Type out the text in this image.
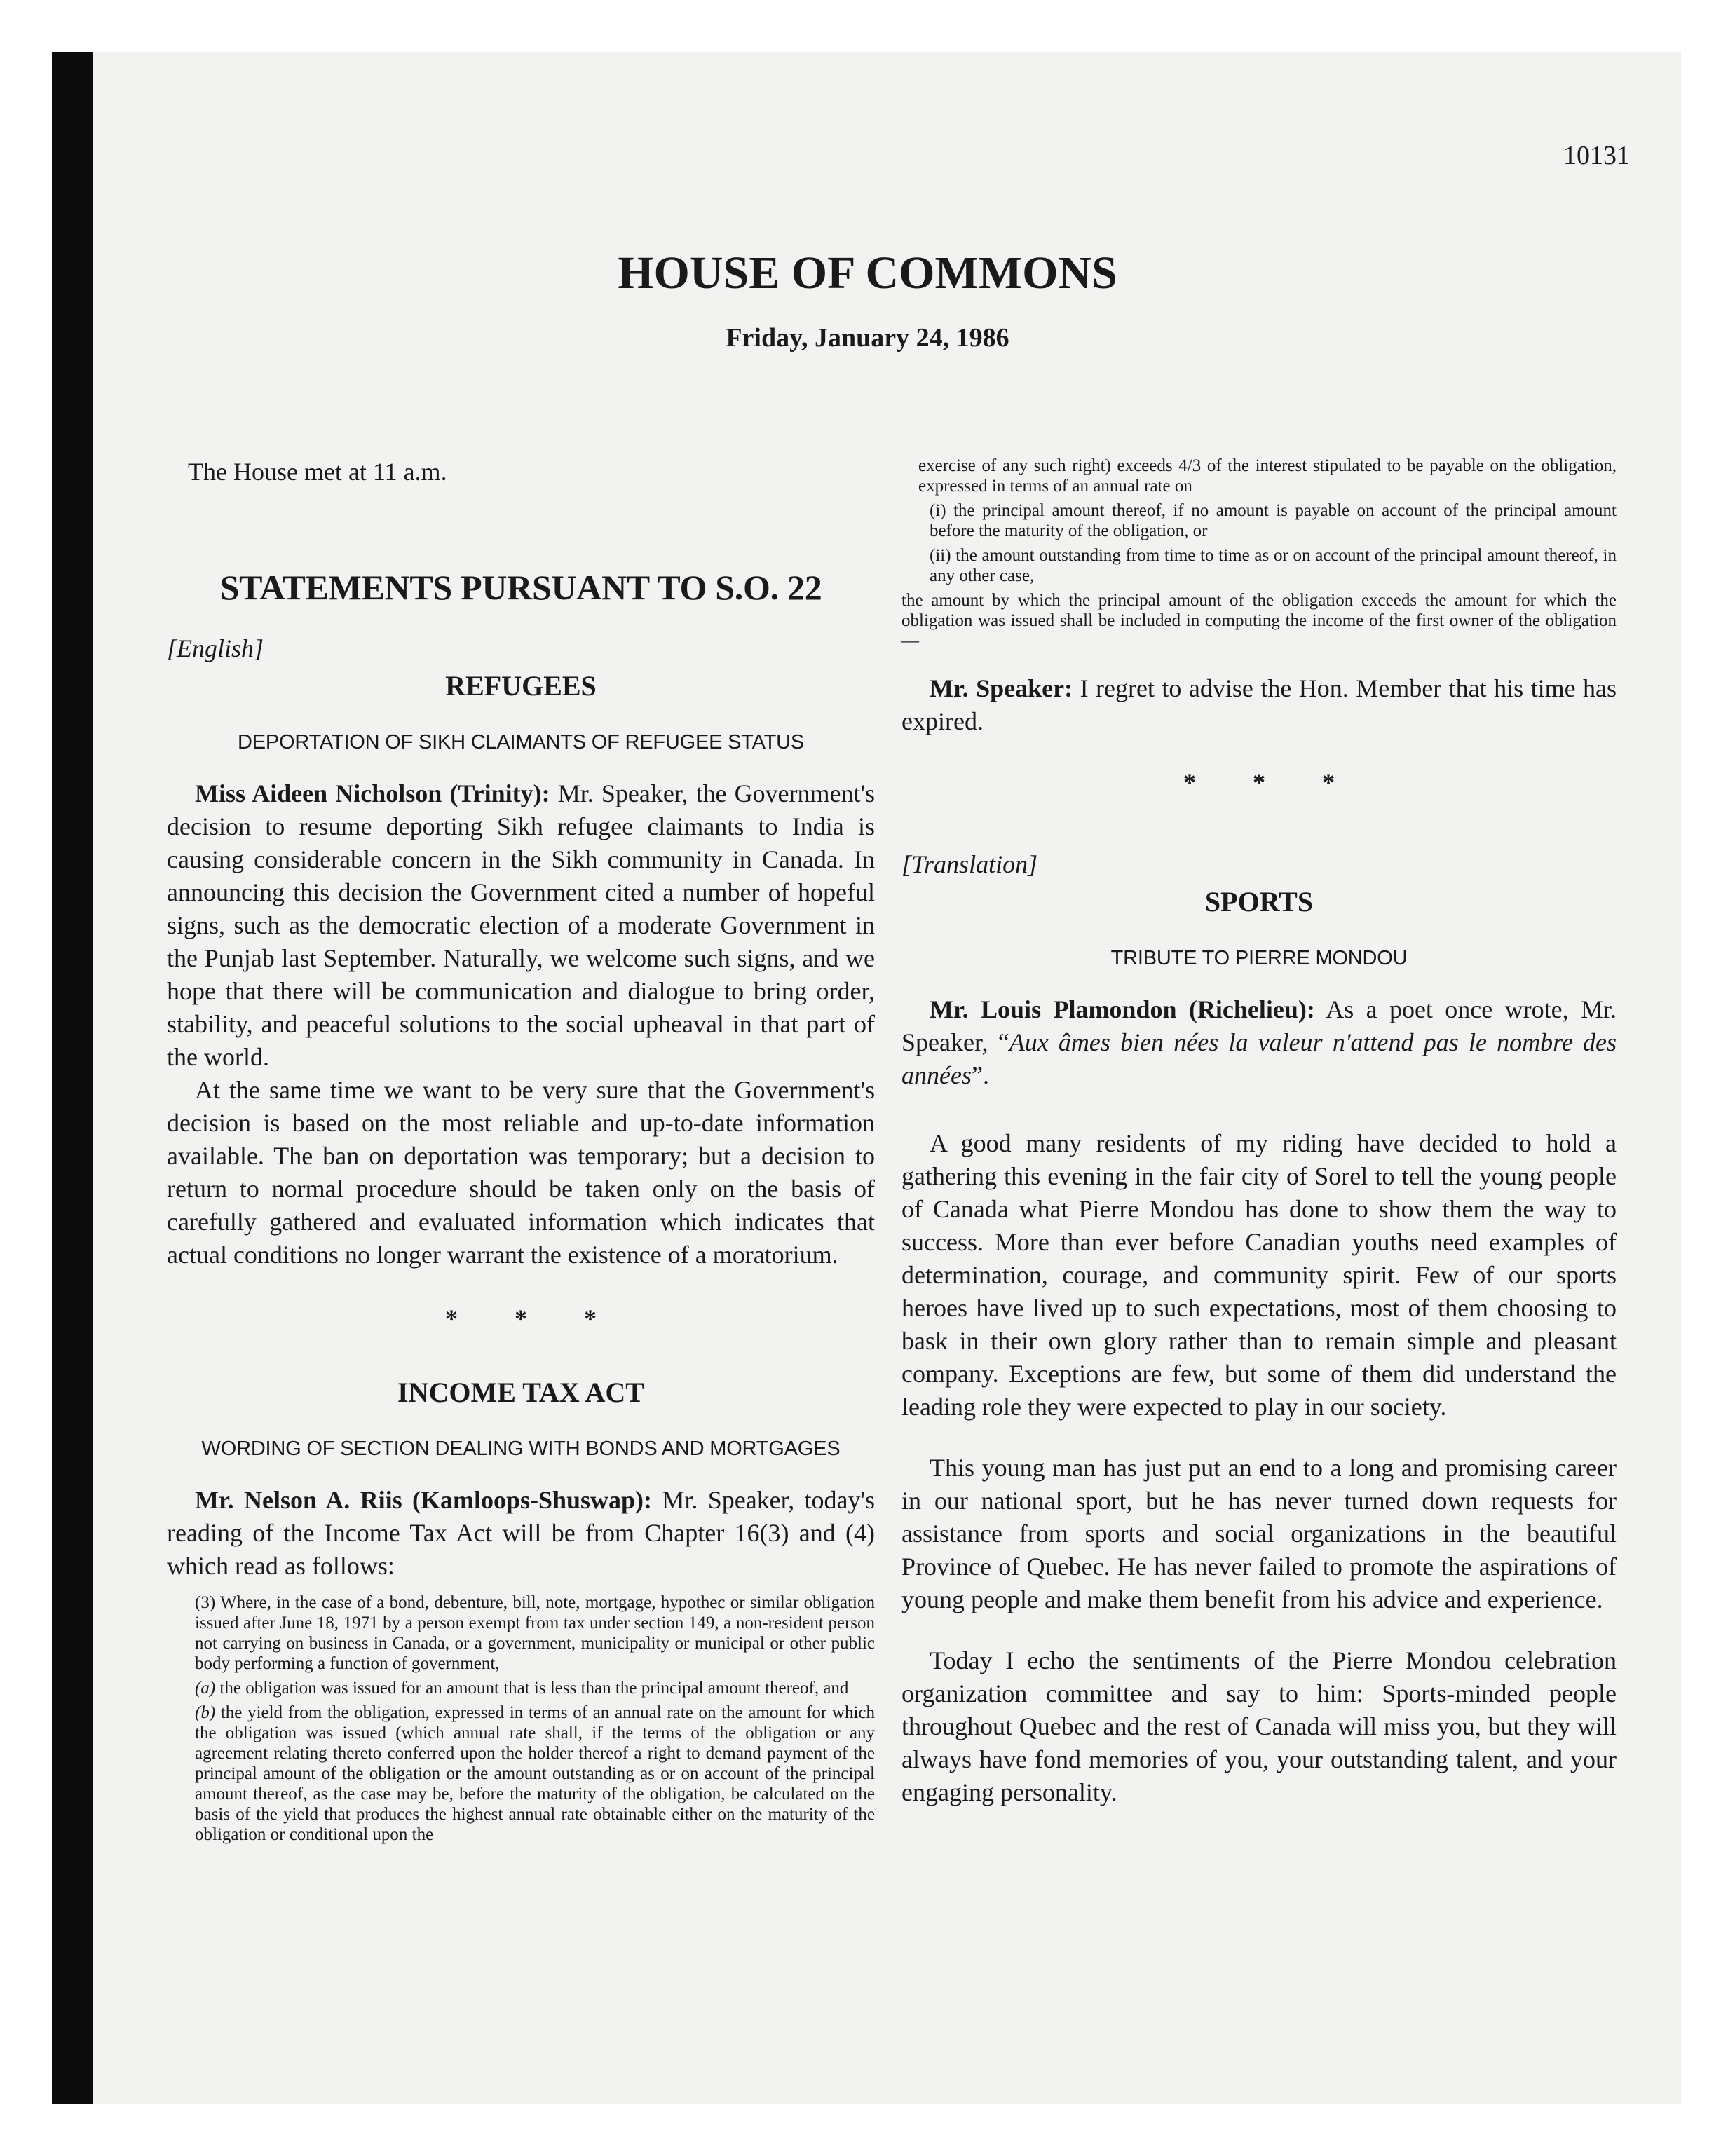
10131
HOUSE OF COMMONS
Friday, January 24, 1986

The House met at 11 a.m.

STATEMENTS PURSUANT TO S.O. 22
[English]
REFUGEES
DEPORTATION OF SIKH CLAIMANTS OF REFUGEE STATUS

Miss Aideen Nicholson (Trinity): Mr. Speaker, the Government's decision to resume deporting Sikh refugee claimants to India is causing considerable concern in the Sikh community in Canada. In announcing this decision the Government cited a number of hopeful signs, such as the democratic election of a moderate Government in the Punjab last September. Naturally, we welcome such signs, and we hope that there will be communication and dialogue to bring order, stability, and peaceful solutions to the social upheaval in that part of the world.

At the same time we want to be very sure that the Government's decision is based on the most reliable and up-to-date information available. The ban on deportation was temporary; but a decision to return to normal procedure should be taken only on the basis of carefully gathered and evaluated information which indicates that actual conditions no longer warrant the existence of a moratorium.

* * *
INCOME TAX ACT
WORDING OF SECTION DEALING WITH BONDS AND MORTGAGES

Mr. Nelson A. Riis (Kamloops-Shuswap): Mr. Speaker, today's reading of the Income Tax Act will be from Chapter 16(3) and (4) which read as follows:

(3) Where, in the case of a bond, debenture, bill, note, mortgage, hypothec or similar obligation issued after June 18, 1971 by a person exempt from tax under section 149, a non-resident person not carrying on business in Canada, or a government, municipality or municipal or other public body performing a function of government,

(a) the obligation was issued for an amount that is less than the principal amount thereof, and

(b) the yield from the obligation, expressed in terms of an annual rate on the amount for which the obligation was issued (which annual rate shall, if the terms of the obligation or any agreement relating thereto conferred upon the holder thereof a right to demand payment of the principal amount of the obligation or the amount outstanding as or on account of the principal amount thereof, as the case may be, before the maturity of the obligation, be calculated on the basis of the yield that produces the highest annual rate obtainable either on the maturity of the obligation or conditional upon the

exercise of any such right) exceeds 4/3 of the interest stipulated to be payable on the obligation, expressed in terms of an annual rate on

(i) the principal amount thereof, if no amount is payable on account of the principal amount before the maturity of the obligation, or

(ii) the amount outstanding from time to time as or on account of the principal amount thereof, in any other case,

the amount by which the principal amount of the obligation exceeds the amount for which the obligation was issued shall be included in computing the income of the first owner of the obligation—

Mr. Speaker: I regret to advise the Hon. Member that his time has expired.

* * *
[Translation]
SPORTS
TRIBUTE TO PIERRE MONDOU

Mr. Louis Plamondon (Richelieu): As a poet once wrote, Mr. Speaker, “Aux âmes bien nées la valeur n'attend pas le nombre des années”.

A good many residents of my riding have decided to hold a gathering this evening in the fair city of Sorel to tell the young people of Canada what Pierre Mondou has done to show them the way to success. More than ever before Canadian youths need examples of determination, courage, and community spirit. Few of our sports heroes have lived up to such expectations, most of them choosing to bask in their own glory rather than to remain simple and pleasant company. Exceptions are few, but some of them did understand the leading role they were expected to play in our society.

This young man has just put an end to a long and promising career in our national sport, but he has never turned down requests for assistance from sports and social organizations in the beautiful Province of Quebec. He has never failed to promote the aspirations of young people and make them benefit from his advice and experience.

Today I echo the sentiments of the Pierre Mondou celebration organization committee and say to him: Sports-minded people throughout Quebec and the rest of Canada will miss you, but they will always have fond memories of you, your outstanding talent, and your engaging personality.
